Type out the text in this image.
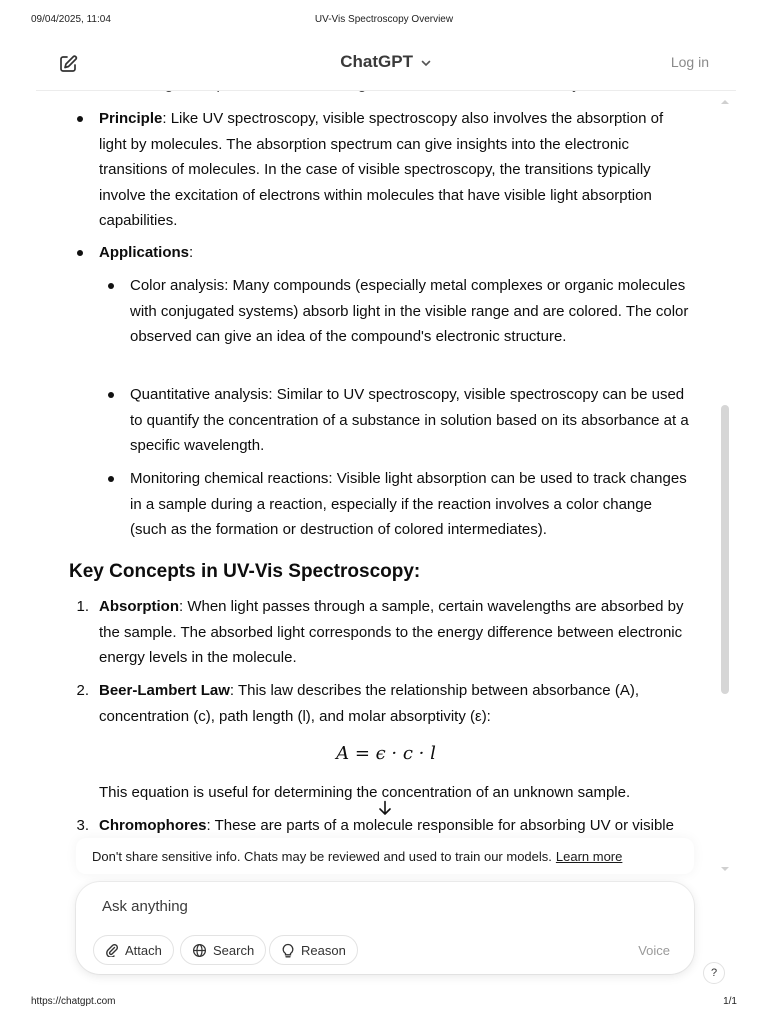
09/04/2025, 11:04	UV-Vis Spectroscopy Overview
ChatGPT	Log in
Principle: Like UV spectroscopy, visible spectroscopy also involves the absorption of light by molecules. The absorption spectrum can give insights into the electronic transitions of molecules. In the case of visible spectroscopy, the transitions typically involve the excitation of electrons within molecules that have visible light absorption capabilities.
Applications:
Color analysis: Many compounds (especially metal complexes or organic molecules with conjugated systems) absorb light in the visible range and are colored. The color observed can give an idea of the compound's electronic structure.
Quantitative analysis: Similar to UV spectroscopy, visible spectroscopy can be used to quantify the concentration of a substance in solution based on its absorbance at a specific wavelength.
Monitoring chemical reactions: Visible light absorption can be used to track changes in a sample during a reaction, especially if the reaction involves a color change (such as the formation or destruction of colored intermediates).
Key Concepts in UV-Vis Spectroscopy:
1. Absorption: When light passes through a sample, certain wavelengths are absorbed by the sample. The absorbed light corresponds to the energy difference between electronic energy levels in the molecule.
2. Beer-Lambert Law: This law describes the relationship between absorbance (A), concentration (c), path length (l), and molar absorptivity (ε):
A = ϵ · c · l
This equation is useful for determining the concentration of an unknown sample.
3. Chromophores: These are parts of a molecule responsible for absorbing UV or visible
Don't share sensitive info. Chats may be reviewed and used to train our models. Learn more
Ask anything
Attach	Search	Reason	Voice
?
https://chatgpt.com	1/1
